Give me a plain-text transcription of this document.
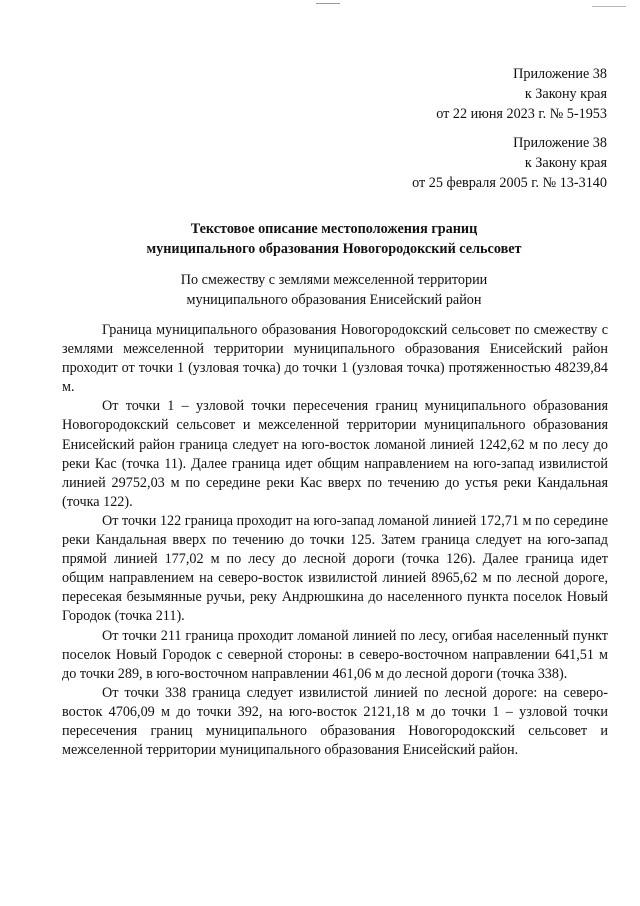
Приложение 38
к Закону края
от 22 июня 2023 г. № 5-1953
Приложение 38
к Закону края
от 25 февраля 2005 г. № 13-3140
Текстовое описание местоположения границ
муниципального образования Новогородокский сельсовет
По смежеству с землями межселенной территории
муниципального образования Енисейский район

Граница муниципального образования Новогородокский сельсовет по смежеству с землями межселенной территории муниципального образования Енисейский район проходит от точки 1 (узловая точка) до точки 1 (узловая точка) протяженностью 48239,84 м.

От точки 1 – узловой точки пересечения границ муниципального образования Новогородокский сельсовет и межселенной территории муниципального образования Енисейский район граница следует на юго-восток ломаной линией 1242,62 м по лесу до реки Кас (точка 11). Далее граница идет общим направлением на юго-запад извилистой линией 29752,03 м по середине реки Кас вверх по течению до устья реки Кандальная (точка 122).

От точки 122 граница проходит на юго-запад ломаной линией 172,71 м по середине реки Кандальная вверх по течению до точки 125. Затем граница следует на юго-запад прямой линией 177,02 м по лесу до лесной дороги (точка 126). Далее граница идет общим направлением на северо-восток извилистой линией 8965,62 м по лесной дороге, пересекая безымянные ручьи, реку Андрюшкина до населенного пункта поселок Новый Городок (точка 211).

От точки 211 граница проходит ломаной линией по лесу, огибая населенный пункт поселок Новый Городок с северной стороны: в северо-восточном направлении 641,51 м до точки 289, в юго-восточном направлении 461,06 м до лесной дороги (точка 338).

От точки 338 граница следует извилистой линией по лесной дороге: на северо-восток 4706,09 м до точки 392, на юго-восток 2121,18 м до точки 1 – узловой точки пересечения границ муниципального образования Новогородокский сельсовет и межселенной территории муниципального образования Енисейский район.
